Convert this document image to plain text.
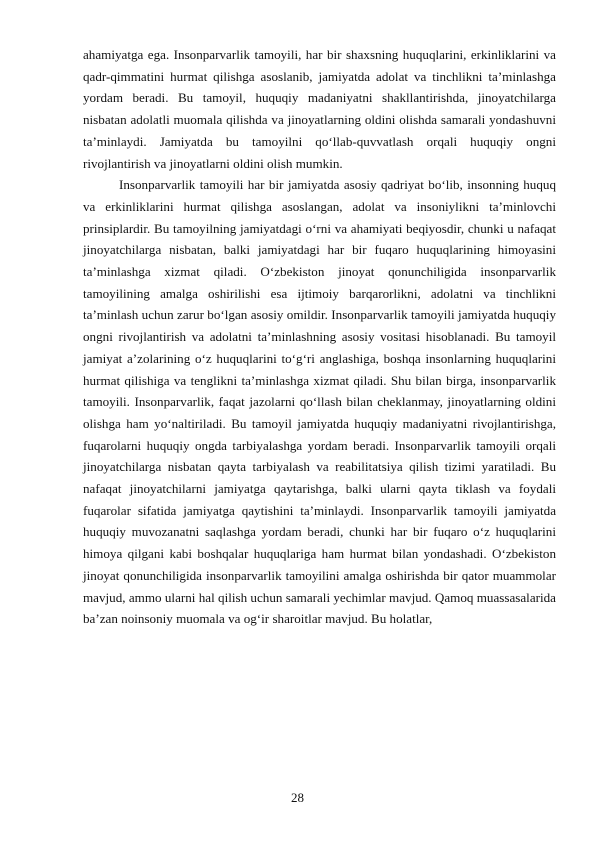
ahamiyatga ega. Insonparvarlik tamoyili, har bir shaxsning huquqlarini, erkinliklarini va qadr-qimmatini hurmat qilishga asoslanib, jamiyatda adolat va tinchlikni taʼminlashga yordam beradi. Bu tamoyil, huquqiy madaniyatni shakllantirishda, jinoyatchilarga nisbatan adolatli muomala qilishda va jinoyatlarning oldini olishda samarali yondashuvni taʼminlaydi. Jamiyatda bu tamoyilni qoʻllab-quvvatlash orqali huquqiy ongni rivojlantirish va jinoyatlarni oldini olish mumkin.

Insonparvarlik tamoyili har bir jamiyatda asosiy qadriyat boʻlib, insonning huquq va erkinliklarini hurmat qilishga asoslangan, adolat va insoniylikni taʼminlovchi prinsiplardir. Bu tamoyilning jamiyatdagi oʻrni va ahamiyati beqiyosdir, chunki u nafaqat jinoyatchilarga nisbatan, balki jamiyatdagi har bir fuqaro huquqlarining himoyasini taʼminlashga xizmat qiladi. Oʻzbekiston jinoyat qonunchiligida insonparvarlik tamoyilining amalga oshirilishi esa ijtimoiy barqarorlikni, adolatni va tinchlikni taʼminlash uchun zarur boʻlgan asosiy omildir. Insonparvarlik tamoyili jamiyatda huquqiy ongni rivojlantirish va adolatni taʼminlashning asosiy vositasi hisoblanadi. Bu tamoyil jamiyat aʼzolarining oʻz huquqlarini toʻgʻri anglashiga, boshqa insonlarning huquqlarini hurmat qilishiga va tenglikni taʼminlashga xizmat qiladi. Shu bilan birga, insonparvarlik tamoyili. Insonparvarlik, faqat jazolarni qoʻllash bilan cheklanmay, jinoyatlarning oldini olishga ham yoʻnaltiriladi. Bu tamoyil jamiyatda huquqiy madaniyatni rivojlantirishga, fuqarolarni huquqiy ongda tarbiyalashga yordam beradi. Insonparvarlik tamoyili orqali jinoyatchilarga nisbatan qayta tarbiyalash va reabilitatsiya qilish tizimi yaratiladi. Bu nafaqat jinoyatchilarni jamiyatga qaytarishga, balki ularni qayta tiklash va foydali fuqarolar sifatida jamiyatga qaytishini taʼminlaydi. Insonparvarlik tamoyili jamiyatda huquqiy muvozanatni saqlashga yordam beradi, chunki har bir fuqaro oʻz huquqlarini himoya qilgani kabi boshqalar huquqlariga ham hurmat bilan yondashadi. Oʻzbekiston jinoyat qonunchiligida insonparvarlik tamoyilini amalga oshirishda bir qator muammolar mavjud, ammo ularni hal qilish uchun samarali yechimlar mavjud. Qamoq muassasalarida baʼzan noinsoniy muomala va ogʻir sharoitlar mavjud. Bu holatlar,

28
